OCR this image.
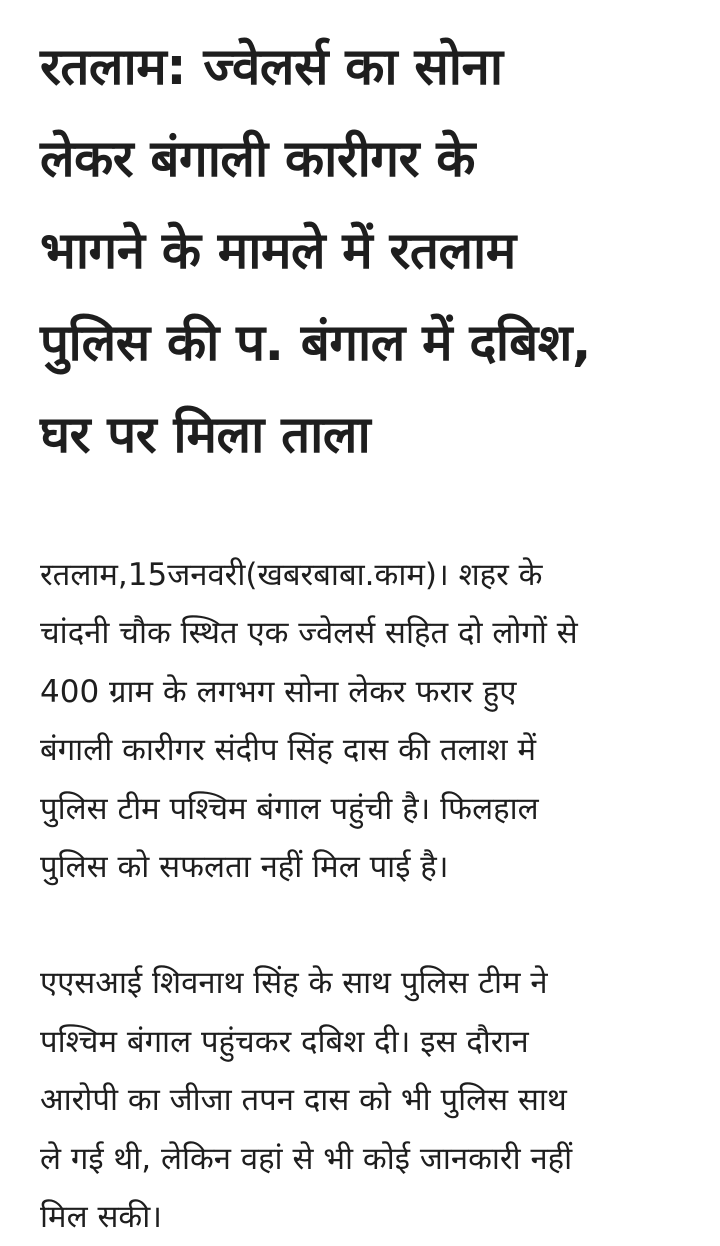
रतलाम: ज्वेलर्स का सोना
लेकर बंगाली कारीगर के
भागने के मामले में रतलाम
पुलिस की प. बंगाल में दबिश,
घर पर मिला ताला

रतलाम,15जनवरी(खबरबाबा.काम)। शहर के
चांदनी चौक स्थित एक ज्वेलर्स सहित दो लोगों से
400 ग्राम के लगभग सोना लेकर फरार हुए
बंगाली कारीगर संदीप सिंह दास की तलाश में
पुलिस टीम पश्चिम बंगाल पहुंची है। फिलहाल
पुलिस को सफलता नहीं मिल पाई है।

एएसआई शिवनाथ सिंह के साथ पुलिस टीम ने
पश्चिम बंगाल पहुंचकर दबिश दी। इस दौरान
आरोपी का जीजा तपन दास को भी पुलिस साथ
ले गई थी, लेकिन वहां से भी कोई जानकारी नहीं
मिल सकी।
